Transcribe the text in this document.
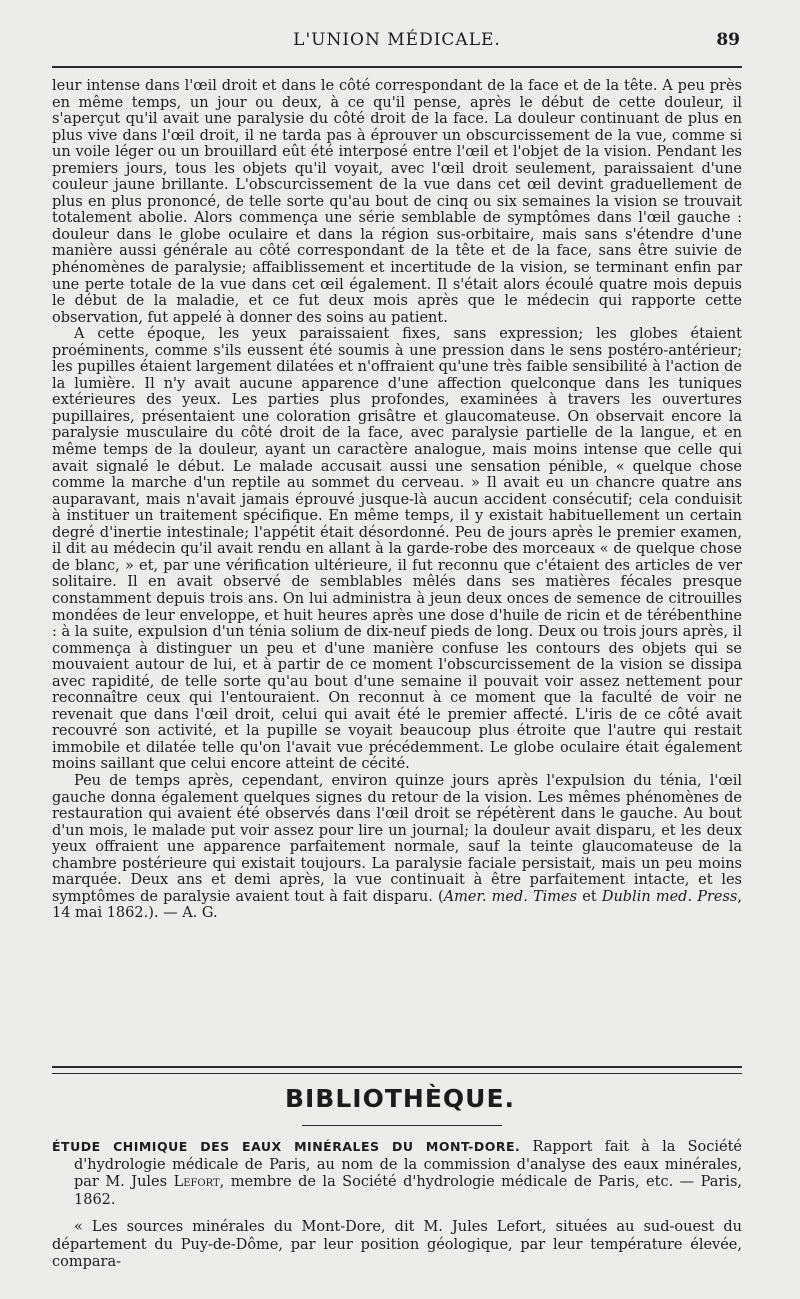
L'UNION MÉDICALE.	89

leur intense dans l'œil droit et dans le côté correspondant de la face et de la tête. A peu près en même temps, un jour ou deux, à ce qu'il pense, après le début de cette douleur, il s'aperçut qu'il avait une paralysie du côté droit de la face. La douleur continuant de plus en plus vive dans l'œil droit, il ne tarda pas à éprouver un obscurcissement de la vue, comme si un voile léger ou un brouillard eût été interposé entre l'œil et l'objet de la vision. Pendant les premiers jours, tous les objets qu'il voyait, avec l'œil droit seulement, paraissaient d'une couleur jaune brillante. L'obscurcissement de la vue dans cet œil devint graduellement de plus en plus prononcé, de telle sorte qu'au bout de cinq ou six semaines la vision se trouvait totalement abolie. Alors commença une série semblable de symptômes dans l'œil gauche : douleur dans le globe oculaire et dans la région sus-orbitaire, mais sans s'étendre d'une manière aussi générale au côté correspondant de la tête et de la face, sans être suivie de phénomènes de paralysie; affaiblissement et incertitude de la vision, se terminant enfin par une perte totale de la vue dans cet œil également. Il s'était alors écoulé quatre mois depuis le début de la maladie, et ce fut deux mois après que le médecin qui rapporte cette observation, fut appelé à donner des soins au patient.

A cette époque, les yeux paraissaient fixes, sans expression; les globes étaient proéminents, comme s'ils eussent été soumis à une pression dans le sens postéro-antérieur; les pupilles étaient largement dilatées et n'offraient qu'une très faible sensibilité à l'action de la lumière. Il n'y avait aucune apparence d'une affection quelconque dans les tuniques extérieures des yeux. Les parties plus profondes, examinées à travers les ouvertures pupillaires, présentaient une coloration grisâtre et glaucomateuse. On observait encore la paralysie musculaire du côté droit de la face, avec paralysie partielle de la langue, et en même temps de la douleur, ayant un caractère analogue, mais moins intense que celle qui avait signalé le début. Le malade accusait aussi une sensation pénible, « quelque chose comme la marche d'un reptile au sommet du cerveau. » Il avait eu un chancre quatre ans auparavant, mais n'avait jamais éprouvé jusque-là aucun accident consécutif; cela conduisit à instituer un traitement spécifique. En même temps, il y existait habituellement un certain degré d'inertie intestinale; l'appétit était désordonné. Peu de jours après le premier examen, il dit au médecin qu'il avait rendu en allant à la garde-robe des morceaux « de quelque chose de blanc, » et, par une vérification ultérieure, il fut reconnu que c'étaient des articles de ver solitaire. Il en avait observé de semblables mêlés dans ses matières fécales presque constamment depuis trois ans. On lui administra à jeun deux onces de semence de citrouilles mondées de leur enveloppe, et huit heures après une dose d'huile de ricin et de térébenthine : à la suite, expulsion d'un ténia solium de dix-neuf pieds de long. Deux ou trois jours après, il commença à distinguer un peu et d'une manière confuse les contours des objets qui se mouvaient autour de lui, et à partir de ce moment l'obscurcissement de la vision se dissipa avec rapidité, de telle sorte qu'au bout d'une semaine il pouvait voir assez nettement pour reconnaître ceux qui l'entouraient. On reconnut à ce moment que la faculté de voir ne revenait que dans l'œil droit, celui qui avait été le premier affecté. L'iris de ce côté avait recouvré son activité, et la pupille se voyait beaucoup plus étroite que l'autre qui restait immobile et dilatée telle qu'on l'avait vue précédemment. Le globe oculaire était également moins saillant que celui encore atteint de cécité.

Peu de temps après, cependant, environ quinze jours après l'expulsion du ténia, l'œil gauche donna également quelques signes du retour de la vision. Les mêmes phénomènes de restauration qui avaient été observés dans l'œil droit se répétèrent dans le gauche. Au bout d'un mois, le malade put voir assez pour lire un journal; la douleur avait disparu, et les deux yeux offraient une apparence parfaitement normale, sauf la teinte glaucomateuse de la chambre postérieure qui existait toujours. La paralysie faciale persistait, mais un peu moins marquée. Deux ans et demi après, la vue continuait à être parfaitement intacte, et les symptômes de paralysie avaient tout à fait disparu. (Amer. med. Times et Dublin med. Press, 14 mai 1862.). — A. G.

BIBLIOTHÈQUE.

ÉTUDE CHIMIQUE DES EAUX MINÉRALES DU MONT-DORE. Rapport fait à la Société d'hydrologie médicale de Paris, au nom de la commission d'analyse des eaux minérales, par M. Jules Lefort, membre de la Société d'hydrologie médicale de Paris, etc. — Paris, 1862.

« Les sources minérales du Mont-Dore, dit M. Jules Lefort, situées au sud-ouest du département du Puy-de-Dôme, par leur position géologique, par leur température élevée, compara-
